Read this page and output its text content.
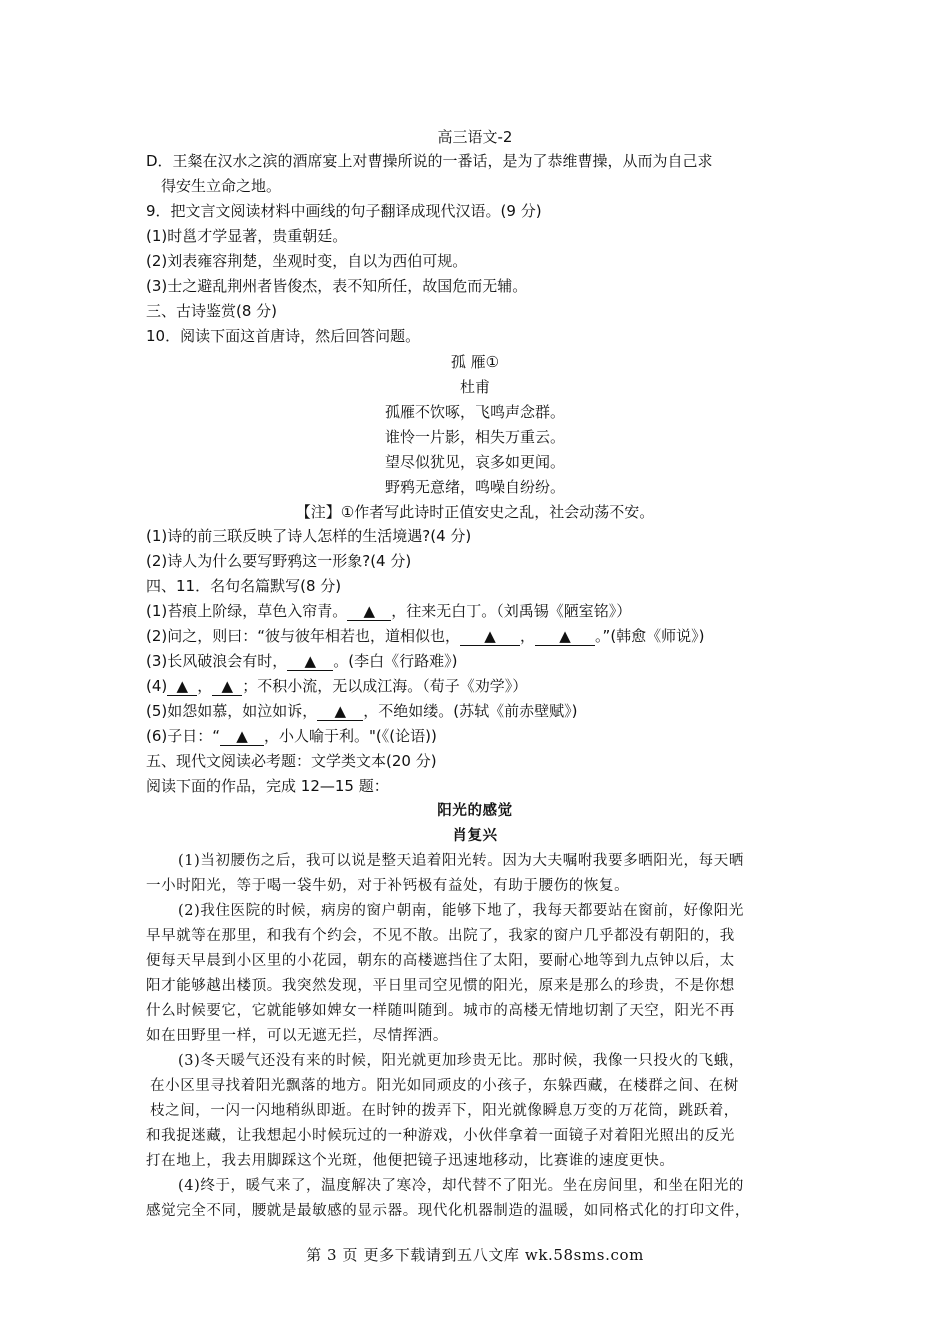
高三语文-2
D．王粲在汉水之滨的酒席宴上对曹操所说的一番话，是为了恭维曹操，从而为自己求
得安生立命之地。
9．把文言文阅读材料中画线的句子翻译成现代汉语。(9 分)
(1)时邕才学显著，贵重朝廷。
(2)刘表雍容荆楚，坐观时变，自以为西伯可规。
(3)士之避乱荆州者皆俊杰，表不知所任，故国危而无辅。
三、古诗鉴赏(8 分)
10．阅读下面这首唐诗，然后回答问题。
孤 雁①
杜甫
孤雁不饮啄，飞鸣声念群。
谁怜一片影，相失万重云。
望尽似犹见，哀多如更闻。
野鸦无意绪，鸣噪自纷纷。
【注】①作者写此诗时正值安史之乱，社会动荡不安。
(1)诗的前三联反映了诗人怎样的生活境遇?(4 分)
(2)诗人为什么要写野鸦这一形象?(4 分)
四、11．名句名篇默写(8 分)
(1)苔痕上阶绿，草色入帘青。 ▲ ，往来无白丁。（刘禹锡《陋室铭》）
(2)问之，则曰：“彼与彼年相若也，道相似也， ▲ ， ▲ 。”(韩愈《师说》)
(3)长风破浪会有时， ▲ 。(李白《行路难》)
(4) ▲ ， ▲ ；不积小流，无以成江海。（荀子《劝学》）
(5)如怨如慕，如泣如诉， ▲ ，不绝如缕。(苏轼《前赤壁赋》)
(6)子日：“ ▲ ，小人喻于利。"(《(论语))
五、现代文阅读必考题：文学类文本(20 分)
阅读下面的作品，完成 12—15 题：
阳光的感觉
肖复兴
(1)当初腰伤之后，我可以说是整天追着阳光转。因为大夫嘱咐我要多晒阳光，每天晒
一小时阳光，等于喝一袋牛奶，对于补钙极有益处，有助于腰伤的恢复。
(2)我住医院的时候，病房的窗户朝南，能够下地了，我每天都要站在窗前，好像阳光
早早就等在那里，和我有个约会，不见不散。出院了，我家的窗户几乎都没有朝阳的，我
便每天早晨到小区里的小花园，朝东的高楼遮挡住了太阳，要耐心地等到九点钟以后，太
阳才能够越出楼顶。我突然发现，平日里司空见惯的阳光，原来是那么的珍贵，不是你想
什么时候要它，它就能够如婢女一样随叫随到。城市的高楼无情地切割了天空，阳光不再
如在田野里一样，可以无遮无拦，尽情挥洒。
(3)冬天暖气还没有来的时候，阳光就更加珍贵无比。那时候，我像一只投火的飞蛾，
在小区里寻找着阳光飘落的地方。阳光如同顽皮的小孩子，东躲西藏，在楼群之间、在树
枝之间，一闪一闪地稍纵即逝。在时钟的拨弄下，阳光就像瞬息万变的万花筒，跳跃着，
和我捉迷藏，让我想起小时候玩过的一种游戏，小伙伴拿着一面镜子对着阳光照出的反光
打在地上，我去用脚踩这个光斑，他便把镜子迅速地移动，比赛谁的速度更快。
(4)终于，暖气来了，温度解决了寒冷，却代替不了阳光。坐在房间里，和坐在阳光的
感觉完全不同，腰就是最敏感的显示器。现代化机器制造的温暖，如同格式化的打印文件，
第 3 页 更多下载请到五八文库 wk.58sms.com
